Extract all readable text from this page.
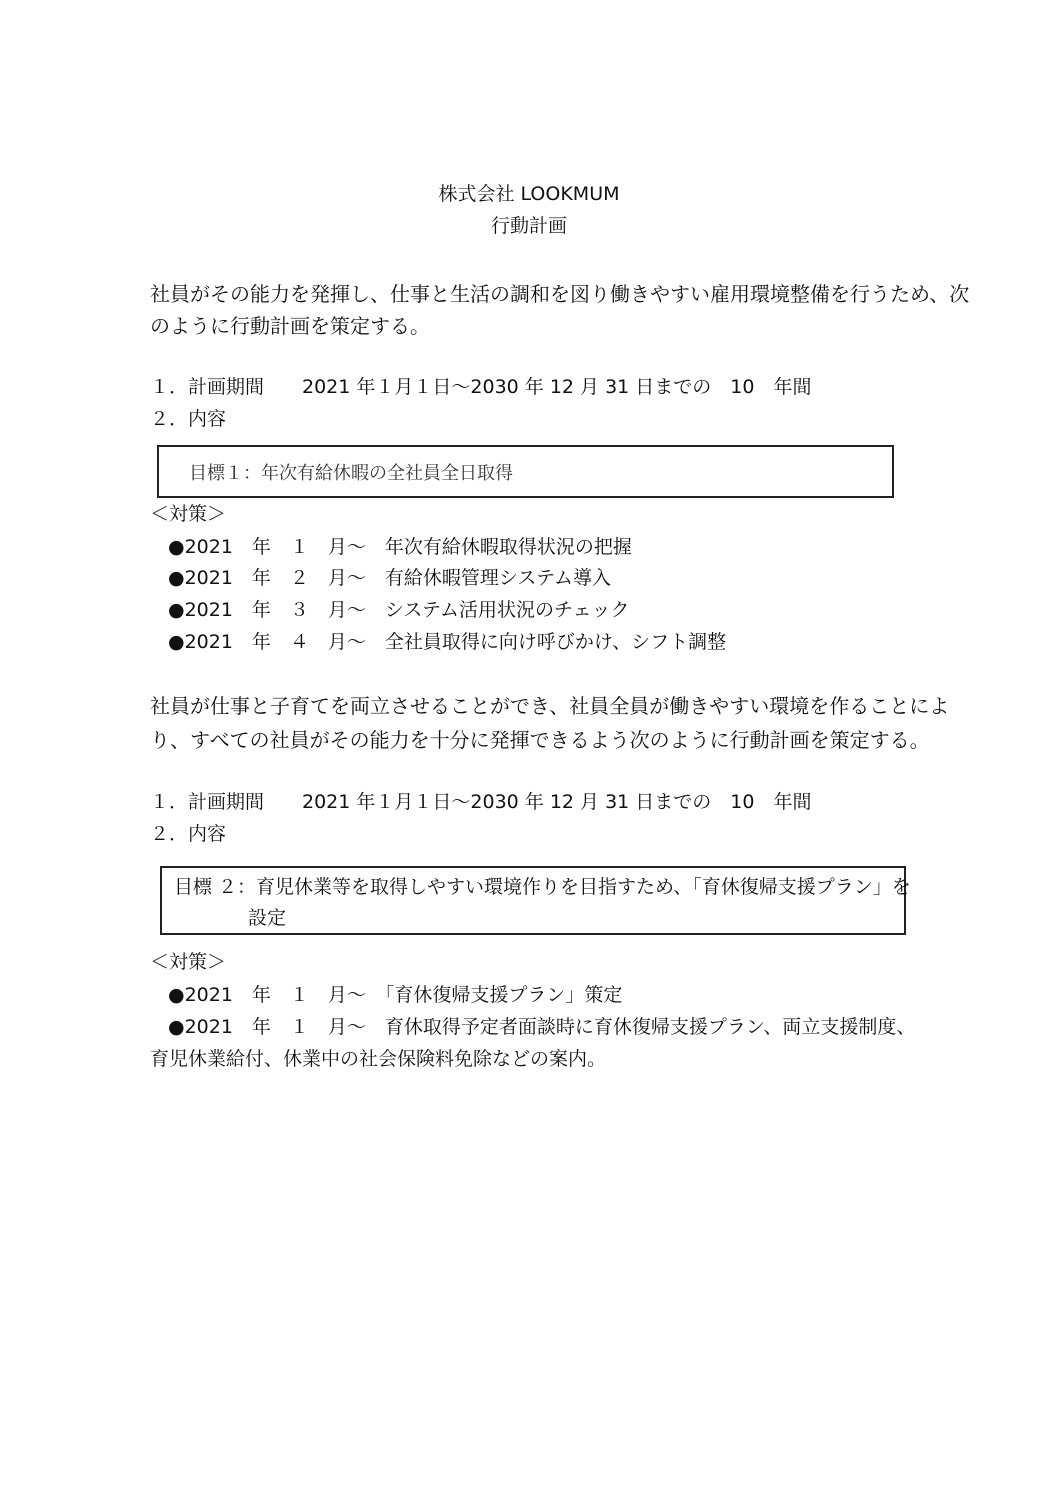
株式会社 LOOKMUM

行動計画

社員がその能力を発揮し、仕事と生活の調和を図り働きやすい雇用環境整備を行うため、次

のように行動計画を策定する。

１．計画期間　　2021 年１月１日～2030 年 12 月 31 日までの　10　年間

２．内容

目標１：年次有給休暇の全社員全日取得

＜対策＞

●2021　年　１　月～　年次有給休暇取得状況の把握

●2021　年　２　月～　有給休暇管理システム導入

●2021　年　３　月～　システム活用状況のチェック

●2021　年　４　月～　全社員取得に向け呼びかけ、シフト調整

社員が仕事と子育てを両立させることができ、社員全員が働きやすい環境を作ることによ

り、すべての社員がその能力を十分に発揮できるよう次のように行動計画を策定する。

１．計画期間　　2021 年１月１日～2030 年 12 月 31 日までの　10　年間

２．内容

目標 ２：育児休業等を取得しやすい環境作りを目指すため、「育休復帰支援プラン」を

設定

＜対策＞

●2021　年　１　月～　「育休復帰支援プラン」策定

●2021　年　１　月～　育休取得予定者面談時に育休復帰支援プラン、両立支援制度、

育児休業給付、休業中の社会保険料免除などの案内。
